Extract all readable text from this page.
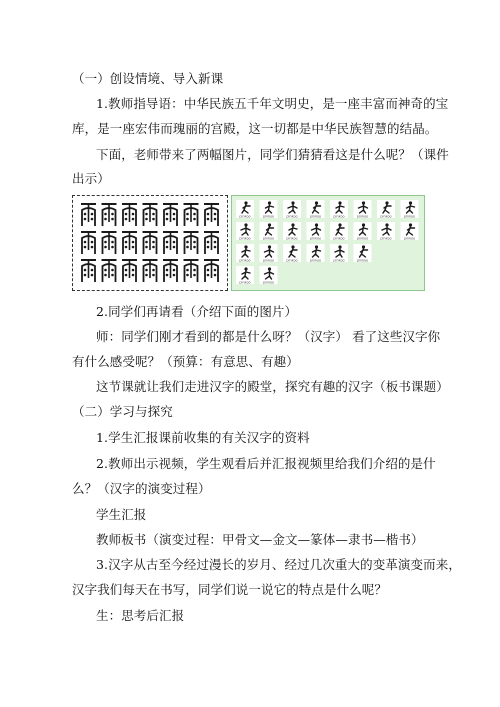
（一）创设情境、导入新课
1.教师指导语：中华民族五千年文明史，是一座丰富而神奇的宝
库，是一座宏伟而瑰丽的宫殿，这一切都是中华民族智慧的结晶。
下面，老师带来了两幅图片，同学们猜猜看这是什么呢？（课件
出示）
pinkoo	pinkoo	pinkoo	pinkoo	pinkoo	pinkoo	pinkoo	pinkoo
pinkoo	pinkoo	pinkoo	pinkoo	pinkoo	pinkoo	pinkoo	pinkoo
pinkoo	pinkoo	pinkoo	pinkoo	pinkoo	pinkoo
pinkoo	pinkoo
2.同学们再请看（介绍下面的图片）
师：同学们刚才看到的都是什么呀？（汉字） 看了这些汉字你
有什么感受呢？（预算：有意思、有趣）
这节课就让我们走进汉字的殿堂，探究有趣的汉字（板书课题）
（二）学习与探究
1.学生汇报课前收集的有关汉字的资料
2.教师出示视频，学生观看后并汇报视频里给我们介绍的是什
么？（汉字的演变过程）
学生汇报
教师板书（演变过程：甲骨文—金文—篆体—隶书—楷书）
3.汉字从古至今经过漫长的岁月、经过几次重大的变革演变而来，
汉字我们每天在书写，同学们说一说它的特点是什么呢？
生：思考后汇报
